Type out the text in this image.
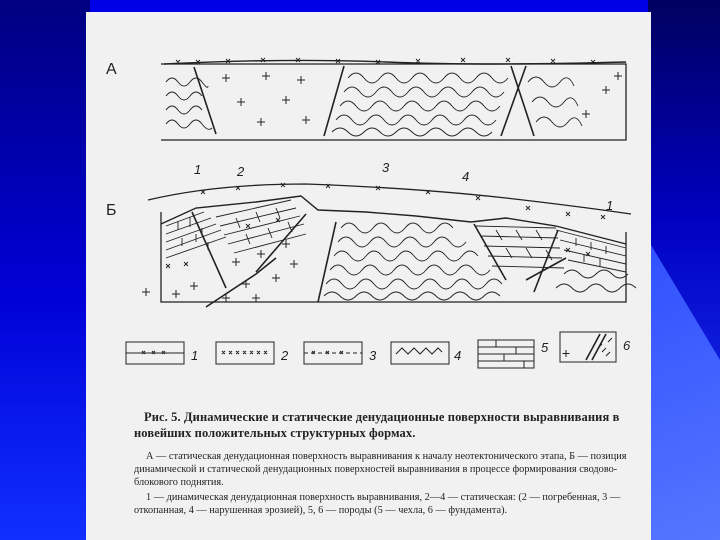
А
Б
1	2	3
4
1
1	2	3	4
5	6

Рис. 5. Динамические и статические денудационные поверхности выравнивания в новейших положительных структурных формах.

А — статическая денудационная поверхность выравнивания к началу неотектонического этапа, Б — позиция динамической и статической денудационных поверхностей выравнивания в процессе формирования сводово-блокового поднятия.

1 — динамическая денудационная поверхность выравнивания, 2—4 — статическая: (2 — погребенная, 3 — откопанная, 4 — нарушенная эрозией), 5, 6 — породы (5 — чехла, 6 — фундамента).
